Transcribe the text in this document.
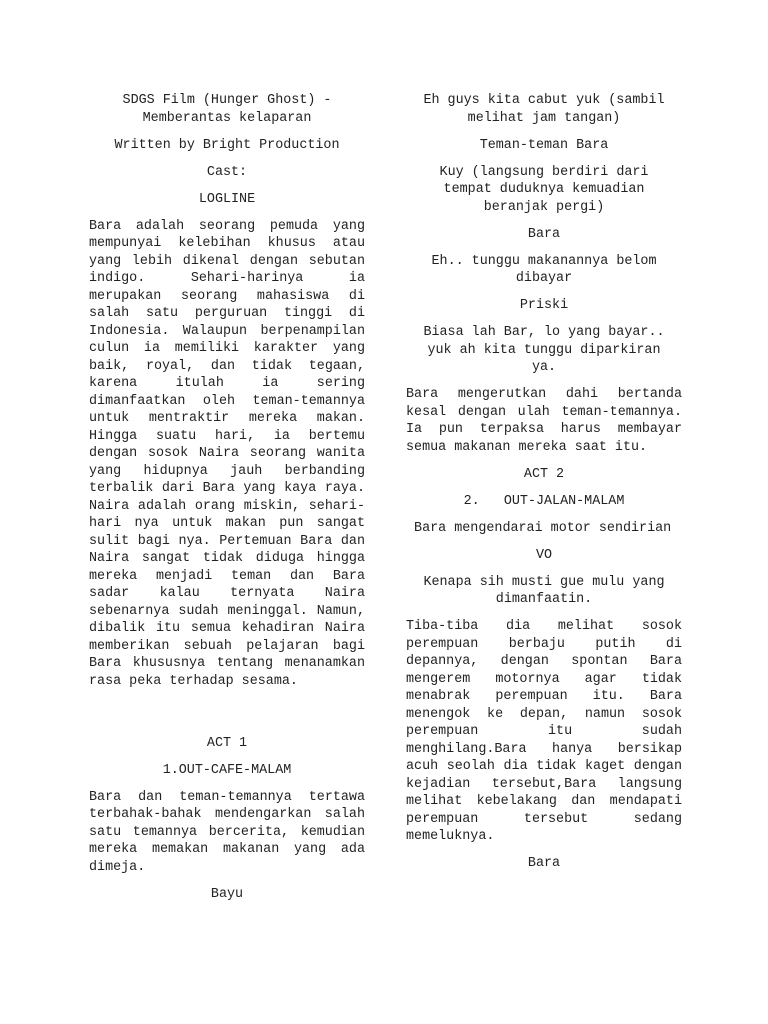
SDGS Film (Hunger Ghost) -
Memberantas kelaparan

Written by Bright Production

Cast:

LOGLINE

Bara adalah seorang pemuda yang mempunyai kelebihan khusus atau yang lebih dikenal dengan sebutan indigo. Sehari-harinya ia merupakan seorang mahasiswa di salah satu perguruan tinggi di Indonesia. Walaupun berpenampilan culun ia memiliki karakter yang baik, royal, dan tidak tegaan, karena itulah ia sering dimanfaatkan oleh teman-temannya untuk mentraktir mereka makan. Hingga suatu hari, ia bertemu dengan sosok Naira seorang wanita yang hidupnya jauh berbanding terbalik dari Bara yang kaya raya. Naira adalah orang miskin, sehari-hari nya untuk makan pun sangat sulit bagi nya. Pertemuan Bara dan Naira sangat tidak diduga hingga mereka menjadi teman dan Bara sadar kalau ternyata Naira sebenarnya sudah meninggal. Namun, dibalik itu semua kehadiran Naira memberikan sebuah pelajaran bagi Bara khususnya tentang menanamkan rasa peka terhadap sesama.

ACT 1

1.OUT-CAFE-MALAM

Bara dan teman-temannya tertawa terbahak-bahak mendengarkan salah satu temannya bercerita, kemudian mereka memakan makanan yang ada dimeja.

Bayu

Eh guys kita cabut yuk (sambil
melihat jam tangan)

Teman-teman Bara

Kuy (langsung berdiri dari
tempat duduknya kemuadian
beranjak pergi)

Bara

Eh.. tunggu makanannya belom
dibayar

Priski

Biasa lah Bar, lo yang bayar..
yuk ah kita tunggu diparkiran
ya.

Bara mengerutkan dahi bertanda kesal dengan ulah teman-temannya. Ia pun terpaksa harus membayar semua makanan mereka saat itu.

ACT 2

2.   OUT-JALAN-MALAM

Bara mengendarai motor sendirian

VO

Kenapa sih musti gue mulu yang
dimanfaatin.

Tiba-tiba dia melihat sosok perempuan berbaju putih di depannya, dengan spontan Bara mengerem motornya agar tidak menabrak perempuan itu. Bara menengok ke depan, namun sosok perempuan itu sudah menghilang.Bara hanya bersikap acuh seolah dia tidak kaget dengan kejadian tersebut,Bara langsung melihat kebelakang dan mendapati perempuan tersebut sedang memeluknya.

Bara
